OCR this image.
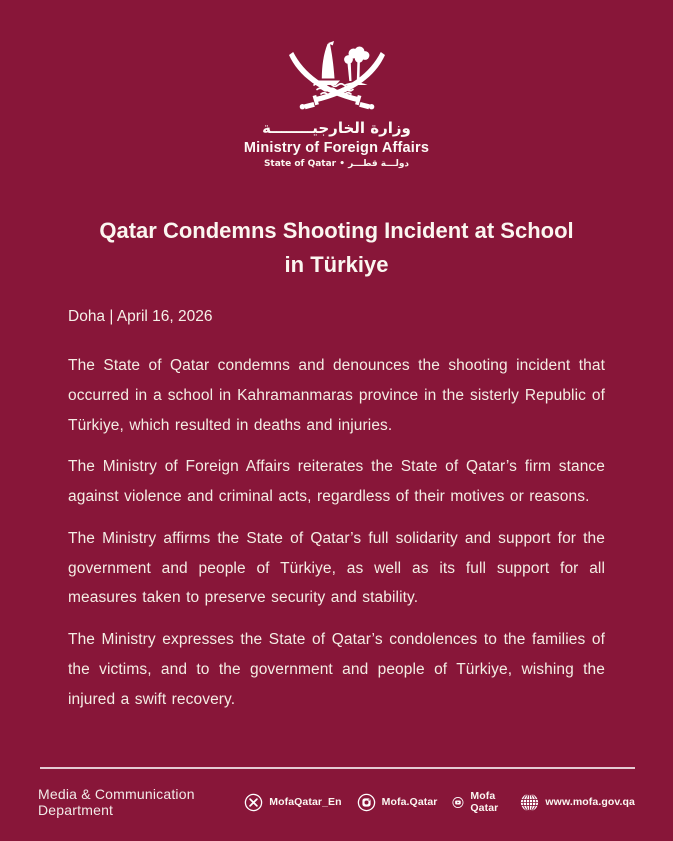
وزارة الخارجيــــــــة
Ministry of Foreign Affairs
State of Qatar • دولـــة قطـــر
Qatar Condemns Shooting Incident at School
in Türkiye
Doha | April 16, 2026

The State of Qatar condemns and denounces the shooting incident that occurred in a school in Kahramanmaras province in the sisterly Republic of Türkiye, which resulted in deaths and injuries.

The Ministry of Foreign Affairs reiterates the State of Qatar’s firm stance against violence and criminal acts, regardless of their motives or reasons.

The Ministry affirms the State of Qatar’s full solidarity and support for the government and people of Türkiye, as well as its full support for all measures taken to preserve security and stability.

The Ministry expresses the State of Qatar’s condolences to the families of the victims, and to the government and people of Türkiye, wishing the injured a swift recovery.

Media & Communication Department	MofaQatar_En	Mofa.Qatar	Mofa Qatar	www.mofa.gov.qa
